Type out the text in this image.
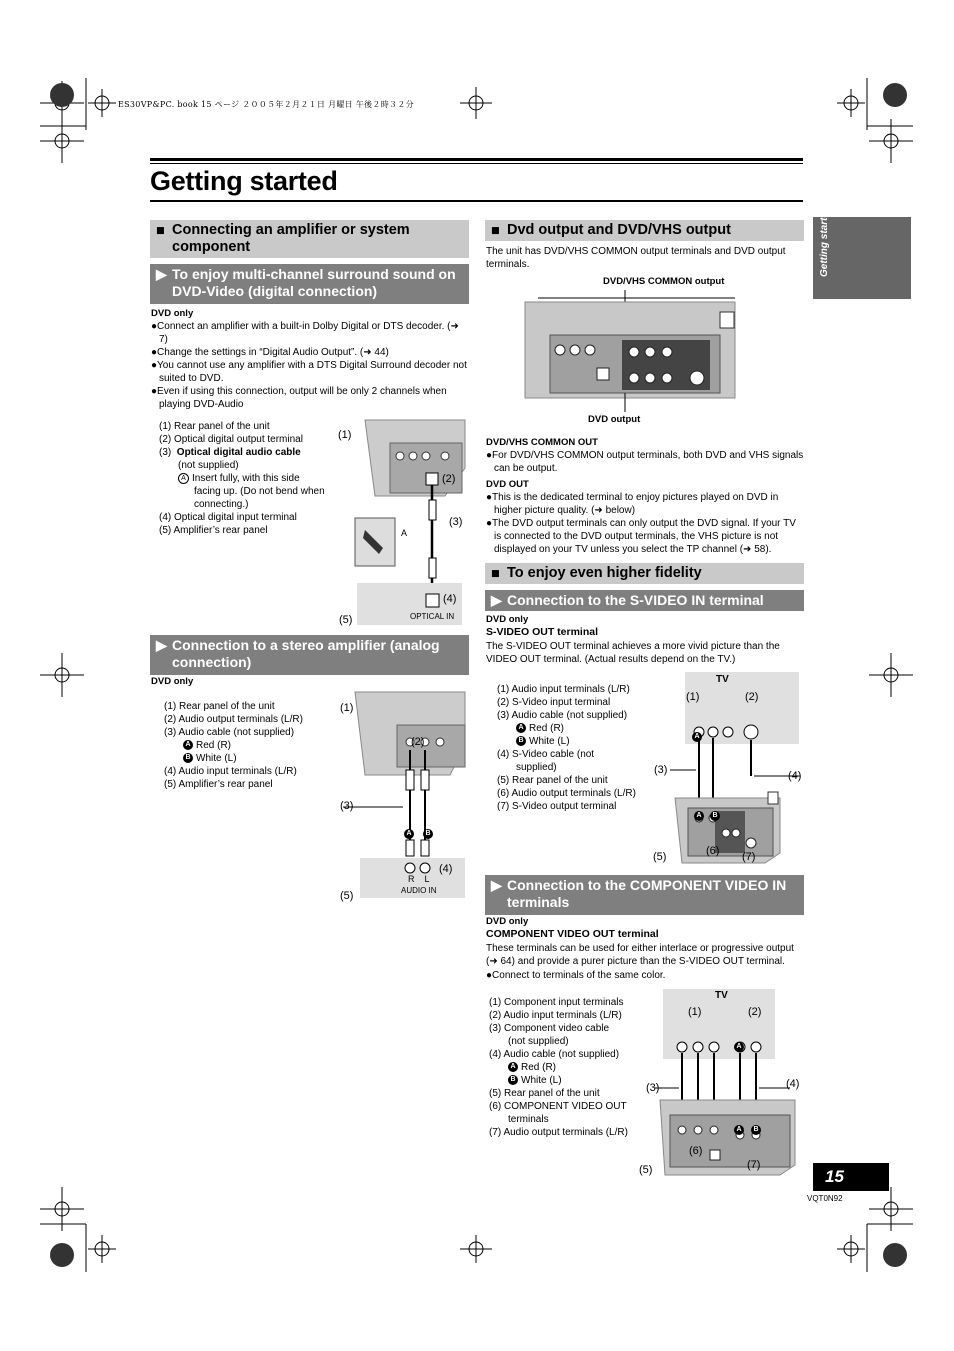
ES30VP&PC. book 15 ページ ２００５年２月２１日 月曜日 午後２時３２分
Getting started
Getting started
■ Connecting an amplifier or system component
▶ To enjoy multi-channel surround sound on DVD-Video (digital connection)
DVD only
●Connect an amplifier with a built-in Dolby Digital or DTS decoder. (➜ 7)
●Change the settings in “Digital Audio Output”. (➜ 44)
●You cannot use any amplifier with a DTS Digital Surround decoder not suited to DVD.
●Even if using this connection, output will be only 2 channels when playing DVD-Audio
(1) Rear panel of the unit
(2) Optical digital output terminal
(3) Optical digital audio cable
(not supplied)
A Insert fully, with this side
facing up. (Do not bend when
connecting.)
(4) Optical digital input terminal
(5) Amplifier’s rear panel
(1)
(2)
(3)
(4)
(5)
A
OPTICAL IN
▶ Connection to a stereo amplifier (analog connection)
DVD only
(1) Rear panel of the unit
(2) Audio output terminals (L/R)
(3) Audio cable (not supplied)
A Red (R)
B White (L)
(4) Audio input terminals (L/R)
(5) Amplifier’s rear panel
(1)
(2)
(3)
(4)
(5)
A	B
R    L
AUDIO IN
■ Dvd output and DVD/VHS output
The unit has DVD/VHS COMMON output terminals and DVD output terminals.
DVD/VHS COMMON output
DVD output
DVD/VHS COMMON OUT
●For DVD/VHS COMMON output terminals, both DVD and VHS signals can be output.
DVD OUT
●This is the dedicated terminal to enjoy pictures played on DVD in higher picture quality. (➜ below)
●The DVD output terminals can only output the DVD signal. If your TV is connected to the DVD output terminals, the VHS picture is not displayed on your TV unless you select the TP channel (➜ 58).
■ To enjoy even higher fidelity
▶ Connection to the S-VIDEO IN terminal
DVD only
S-VIDEO OUT terminal
The S-VIDEO OUT terminal achieves a more vivid picture than the VIDEO OUT terminal. (Actual results depend on the TV.)
(1) Audio input terminals (L/R)
(2) S-Video input terminal
(3) Audio cable (not supplied)
A Red (R)
B White (L)
(4) S-Video cable (not
supplied)
(5) Rear panel of the unit
(6) Audio output terminals (L/R)
(7) S-Video output terminal
TV
(1)	(2)
(3)	(4)
(5)	(6) (7)
A
A	B
▶ Connection to the COMPONENT VIDEO IN terminals
DVD only
COMPONENT VIDEO OUT terminal
These terminals can be used for either interlace or progressive output (➜ 64) and provide a purer picture than the S-VIDEO OUT terminal.
●Connect to terminals of the same color.
(1) Component input terminals
(2) Audio input terminals (L/R)
(3) Component video cable
(not supplied)
(4) Audio cable (not supplied)
A Red (R)
B White (L)
(5) Rear panel of the unit
(6) COMPONENT VIDEO OUT
terminals
(7) Audio output terminals (L/R)
TV
(1)	(2)
(3)	(4)
(5)
(6)
(7)
A
A	B
15
VQT0N92
